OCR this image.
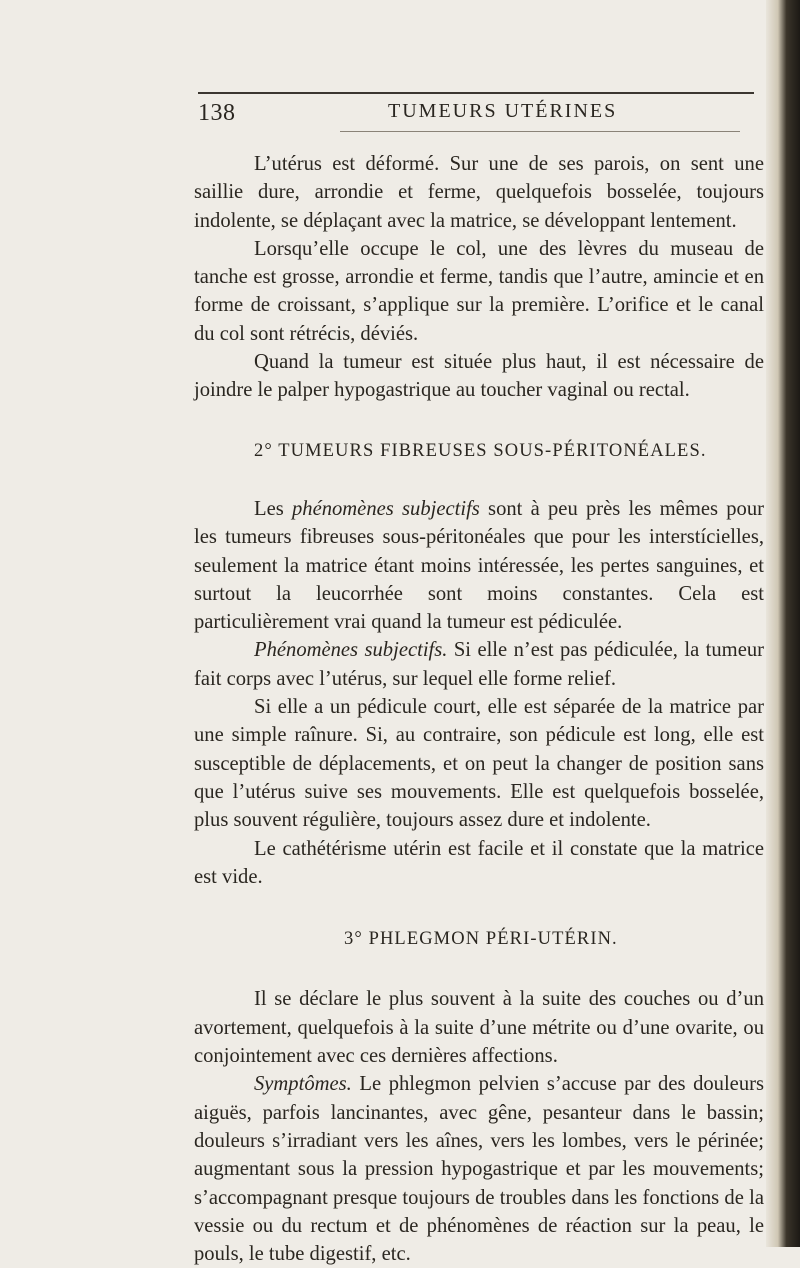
138	TUMEURS UTÉRINES

L’utérus est déformé. Sur une de ses parois, on sent une saillie dure, arrondie et ferme, quelquefois bosselée, toujours indolente, se déplaçant avec la matrice, se développant lentement.

Lorsqu’elle occupe le col, une des lèvres du museau de tanche est grosse, arrondie et ferme, tandis que l’autre, amincie et en forme de croissant, s’applique sur la première. L’orifice et le canal du col sont rétrécis, déviés.

Quand la tumeur est située plus haut, il est nécessaire de joindre le palper hypogastrique au toucher vaginal ou rectal.

2° TUMEURS FIBREUSES SOUS-PÉRITONÉALES.

Les phénomènes subjectifs sont à peu près les mêmes pour les tumeurs fibreuses sous-péritonéales que pour les interstícielles, seulement la matrice étant moins intéressée, les pertes sanguines, et surtout la leucorrhée sont moins constantes. Cela est particulièrement vrai quand la tumeur est pédiculée.

Phénomènes subjectifs. Si elle n’est pas pédiculée, la tumeur fait corps avec l’utérus, sur lequel elle forme relief.

Si elle a un pédicule court, elle est séparée de la matrice par une simple raînure. Si, au contraire, son pédicule est long, elle est susceptible de déplacements, et on peut la changer de position sans que l’utérus suive ses mouvements. Elle est quelquefois bosselée, plus souvent régulière, toujours assez dure et indolente.

Le cathétérisme utérin est facile et il constate que la matrice est vide.

3° PHLEGMON PÉRI-UTÉRIN.

Il se déclare le plus souvent à la suite des couches ou d’un avortement, quelquefois à la suite d’une métrite ou d’une ovarite, ou conjointement avec ces dernières affections.

Symptômes. Le phlegmon pelvien s’accuse par des douleurs aiguës, parfois lancinantes, avec gêne, pesanteur dans le bassin; douleurs s’irradiant vers les aînes, vers les lombes, vers le périnée; augmentant sous la pression hypogastrique et par les mouvements; s’accompagnant presque toujours de troubles dans les fonctions de la vessie ou du rectum et de phénomènes de réaction sur la peau, le pouls, le tube digestif, etc.
